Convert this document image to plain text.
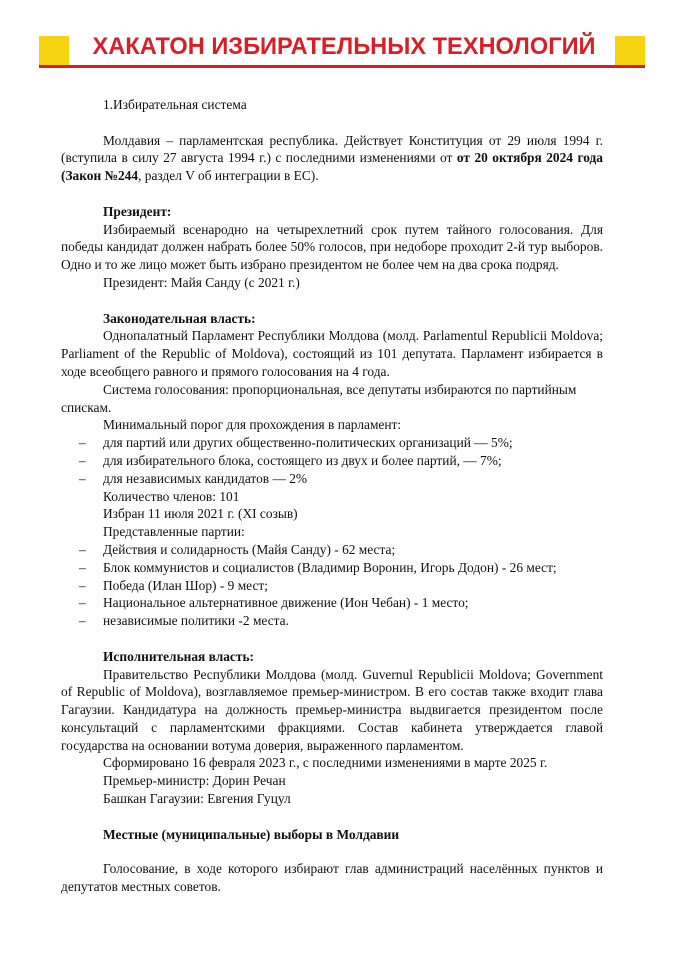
ХАКАТОН ИЗБИРАТЕЛЬНЫХ ТЕХНОЛОГИЙ

1.Избирательная система

Молдавия – парламентская республика. Действует Конституция от 29 июля 1994 г. (вступила в силу 27 августа 1994 г.) с последними изменениями от от 20 октября 2024 года (Закон №244, раздел V об интеграции в ЕС).

Президент:

Избираемый всенародно на четырехлетний срок путем тайного голосования. Для победы кандидат должен набрать более 50% голосов, при недоборе проходит 2-й тур выборов. Одно и то же лицо может быть избрано президентом не более чем на два срока подряд.

Президент: Майя Санду (с 2021 г.)

Законодательная власть:

Однопалатный Парламент Республики Молдова (молд. Parlamentul Republicii Moldova; Parliament of the Republic of Moldova), состоящий из 101 депутата. Парламент избирается в ходе всеобщего равного и прямого голосования на 4 года.

Система голосования: пропорциональная, все депутаты избираются по партийным спискам.

Минимальный порог для прохождения в парламент:

– для партий или других общественно-политических организаций — 5%;
– для избирательного блока, состоящего из двух и более партий, — 7%;
– для независимых кандидатов — 2%

Количество членов: 101

Избран 11 июля 2021 г. (XI созыв)

Представленные партии:

– Действия и солидарность (Майя Санду) - 62 места;
– Блок коммунистов и социалистов (Владимир Воронин, Игорь Додон) - 26 мест;
– Победа (Илан Шор) - 9 мест;
– Национальное альтернативное движение (Ион Чебан) - 1 место;
– независимые политики -2 места.

Исполнительная власть:

Правительство Республики Молдова (молд. Guvernul Republicii Moldova; Government of Republic of Moldova), возглавляемое премьер-министром. В его состав также входит глава Гагаузии. Кандидатура на должность премьер-министра выдвигается президентом после консультаций с парламентскими фракциями. Состав кабинета утверждается главой государства на основании вотума доверия, выраженного парламентом.

Сформировано 16 февраля 2023 г., с последними изменениями в марте 2025 г.

Премьер-министр: Дорин Речан

Башкан Гагаузии: Евгения Гуцул

Местные (муниципальные) выборы в Молдавии

Голосование, в ходе которого избирают глав администраций населённых пунктов и депутатов местных советов.
